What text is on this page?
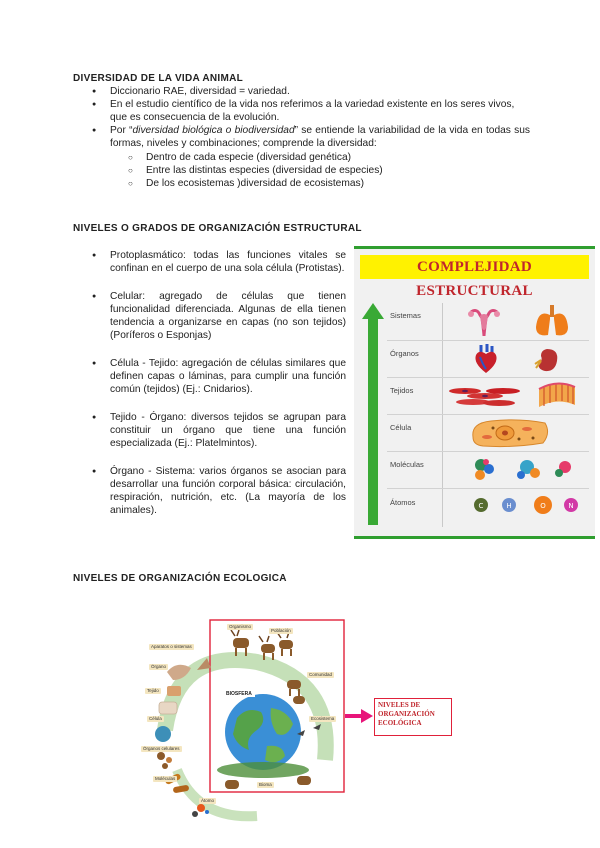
DIVERSIDAD DE LA VIDA ANIMAL
● Diccionario RAE, diversidad = variedad.
● En el estudio científico de la vida nos referimos a la variedad existente en los seres vivos, que es consecuencia de la evolución.
● Por “diversidad biológica o biodiversidad” se entiende la variabilidad de la vida en todas sus formas, niveles y combinaciones; comprende la diversidad:
○ Dentro de cada especie (diversidad genética)
○ Entre las distintas especies (diversidad de especies)
○ De los ecosistemas )diversidad de ecosistemas)
NIVELES O GRADOS DE ORGANIZACIÓN ESTRUCTURAL
● Protoplasmático: todas las funciones vitales se confinan en el cuerpo de una sola célula (Protistas).
● Celular: agregado de células que tienen funcionalidad diferenciada. Algunas de ella tienen tendencia a organizarse en capas (no son tejidos) (Poríferos o Esponjas)
● Célula - Tejido: agregación de células similares que definen capas o láminas, para cumplir una función común (tejidos) (Ej.: Cnidarios).
● Tejido - Órgano: diversos tejidos se agrupan para constituir un órgano que tiene una función especializada (Ej.: Platelmintos).
● Órgano - Sistema: varios órganos se asocian para desarrollar una función corporal básica: circulación, respiración, nutrición, etc. (La mayoría de los animales).
COMPLEJIDAD ESTRUCTURAL
Sistemas
Órganos
Tejidos
Célula
Moléculas
Átomos	C	H	O	N
NIVELES DE ORGANIZACIÓN ECOLOGICA
Aparatos o sistemas
Órgano
Tejido
Célula
Órganos celulares
Moléculas
Átomo
Organismo
Población
Comunidad
Ecosistema
Bioma
BIOSFERA
NIVELES DE ORGANIZACIÓN ECOLÓGICA
